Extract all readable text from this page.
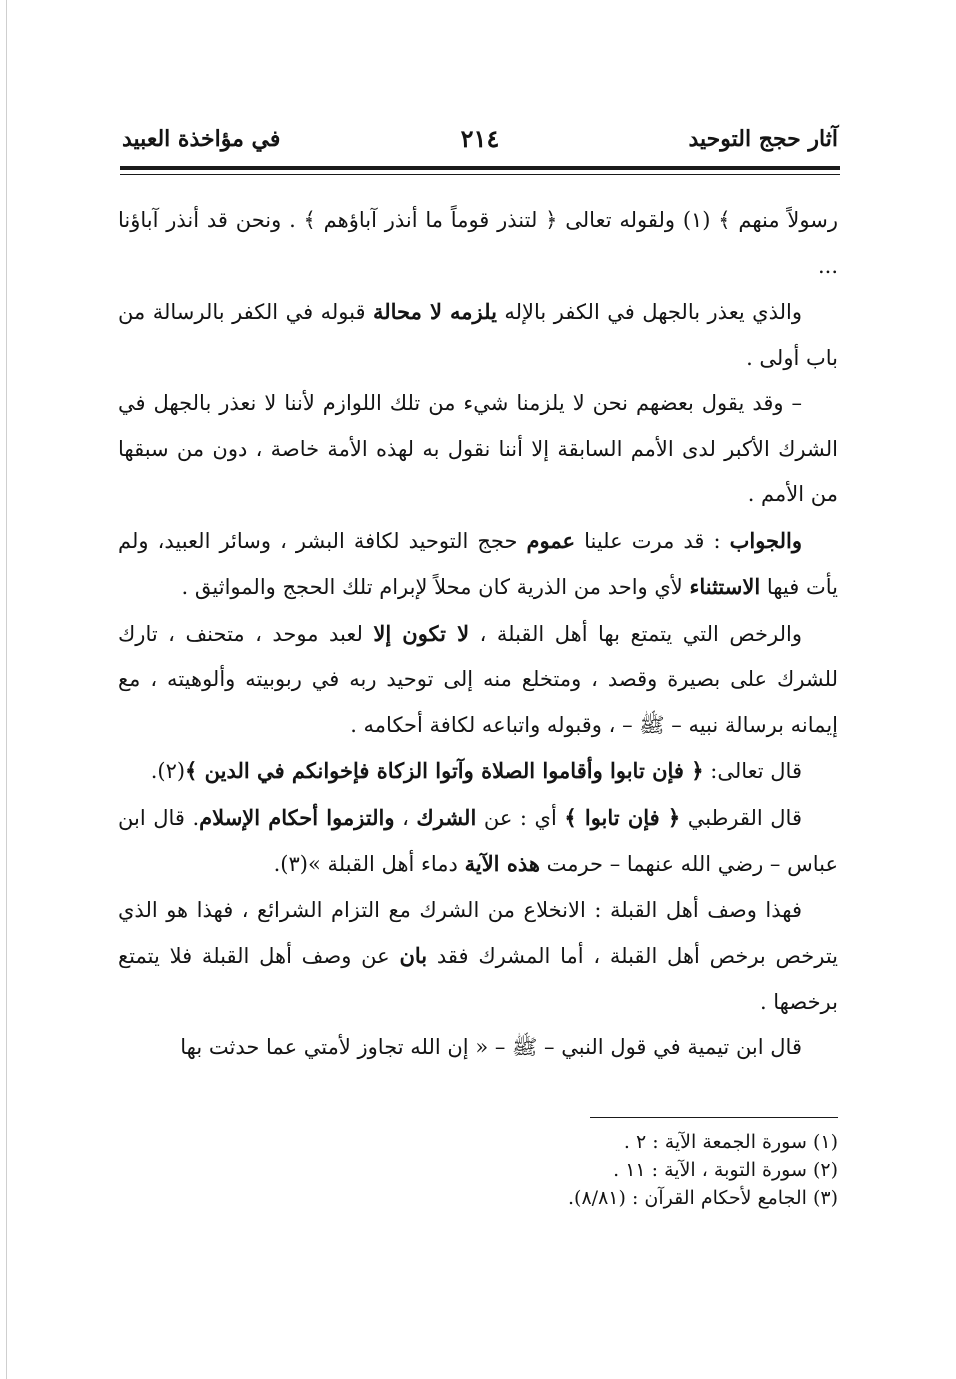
آثار حجج التوحيد
٢١٤
في مؤاخذة العبيد

رسولاً منهم ﴾ (١) ولقوله تعالى ﴿ لتنذر قوماً ما أنذر آباؤهم ﴾ . ونحن قد أنذر آباؤنا ...

والذي يعذر بالجهل في الكفر بالإله يلزمه لا محالة قبوله في الكفر بالرسالة من باب أولى .

– وقد يقول بعضهم نحن لا يلزمنا شيء من تلك اللوازم لأننا لا نعذر بالجهل في الشرك الأكبر لدى الأمم السابقة إلا أننا نقول به لهذه الأمة خاصة ، دون من سبقها من الأمم .

والجواب : قد مرت علينا عموم حجج التوحيد لكافة البشر ، وسائر العبيد، ولم يأت فيها الاستثناء لأي واحد من الذرية كان محلاً لإبرام تلك الحجج والمواثيق .

والرخص التي يتمتع بها أهل القبلة ، لا تكون إلا لعبد موحد ، متحنف ، تارك للشرك على بصيرة وقصد ، ومتخلع منه إلى توحيد ربه في ربوبيته وألوهيته ، مع إيمانه برسالة نبيه – ﷺ – ، وقبوله واتباعه لكافة أحكامه .

قال تعالى: ﴿ فإن تابوا وأقاموا الصلاة وآتوا الزكاة فإخوانكم في الدين ﴾(٢).

قال القرطبي ﴿ فإن تابوا ﴾ أي : عن الشرك ، والتزموا أحكام الإسلام. قال ابن عباس – رضي الله عنهما – حرمت هذه الآية دماء أهل القبلة »(٣).

فهذا وصف أهل القبلة : الانخلاع من الشرك مع التزام الشرائع ، فهذا هو الذي يترخص برخص أهل القبلة ، أما المشرك فقد بان عن وصف أهل القبلة فلا يتمتع برخصها .

قال ابن تيمية في قول النبي – ﷺ – « إن الله تجاوز لأمتي عما حدثت بها

(١) سورة الجمعة الآية : ٢ .
(٢) سورة التوبة ، الآية : ١١ .
(٣) الجامع لأحكام القرآن : (٨/٨١).
